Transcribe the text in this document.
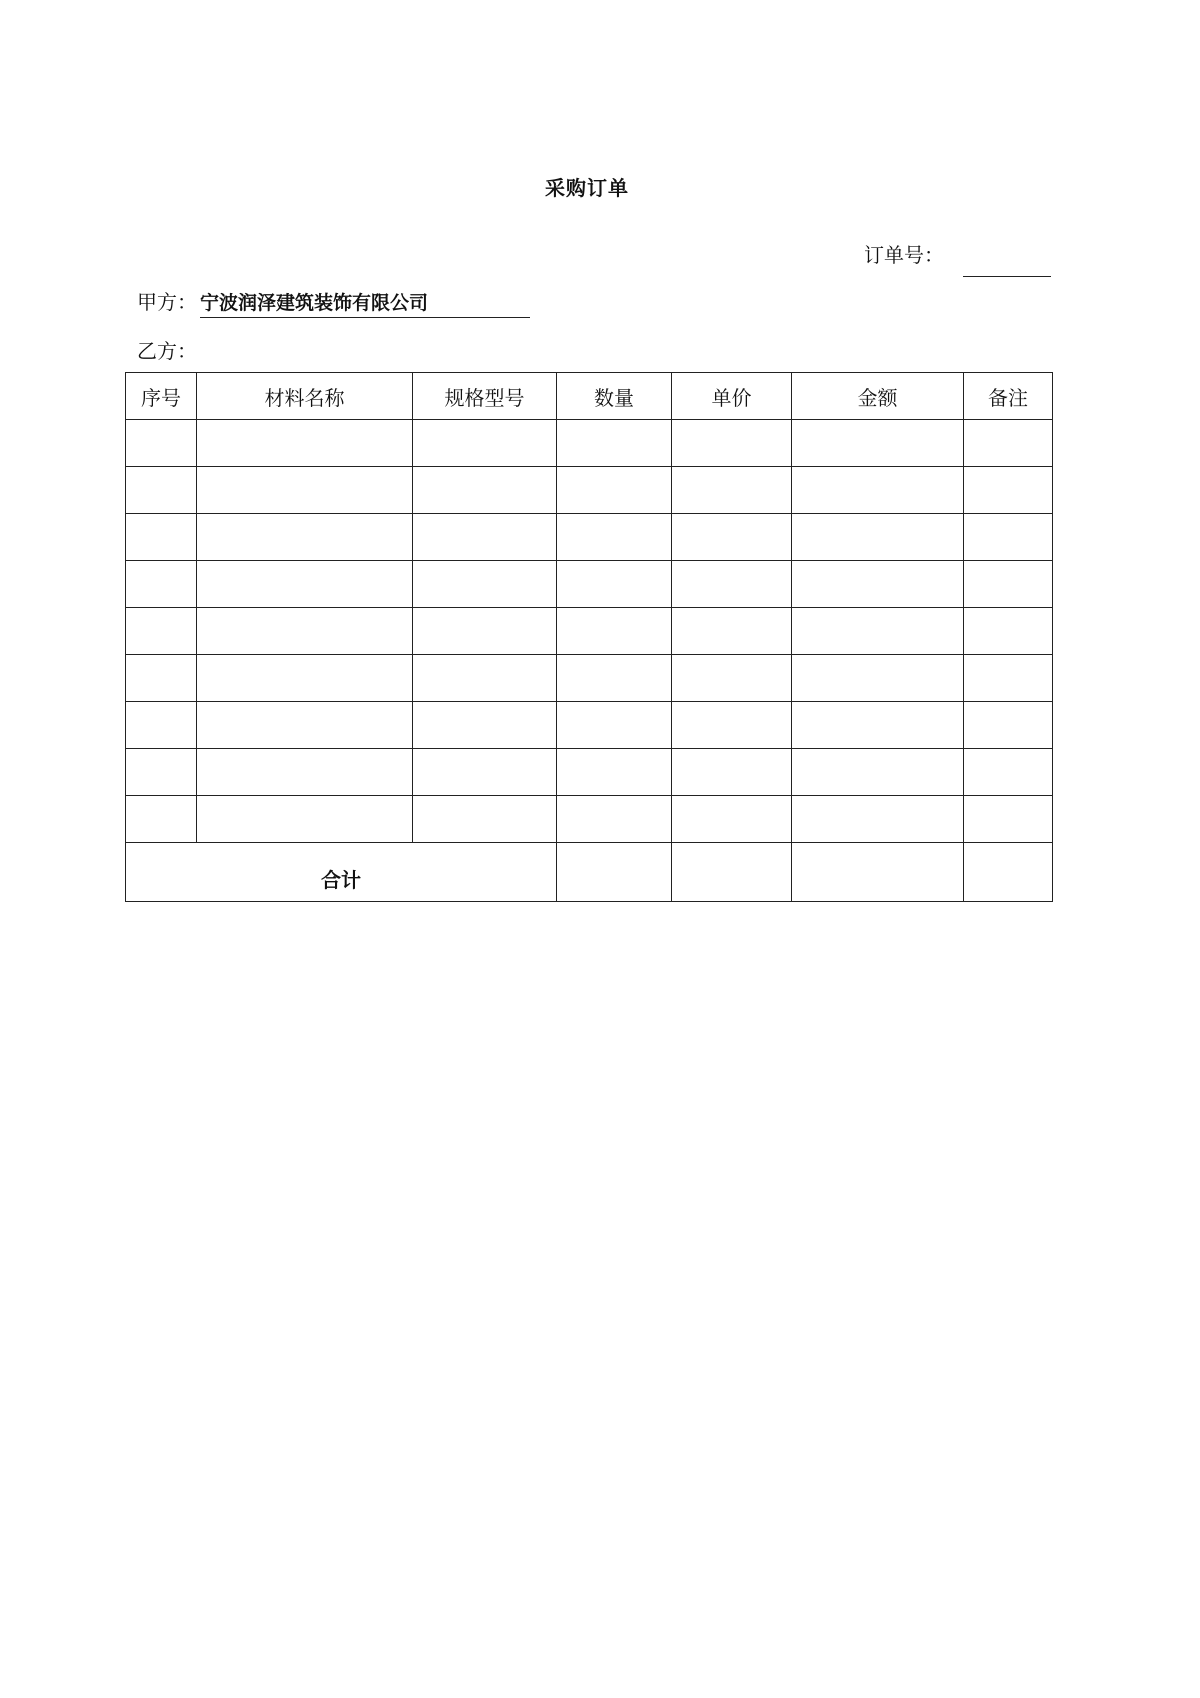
采购订单
订单号：
甲方： 宁波润泽建筑装饰有限公司
乙方：
序号	材料名称	规格型号	数量	单价	金额	备注

合计						
